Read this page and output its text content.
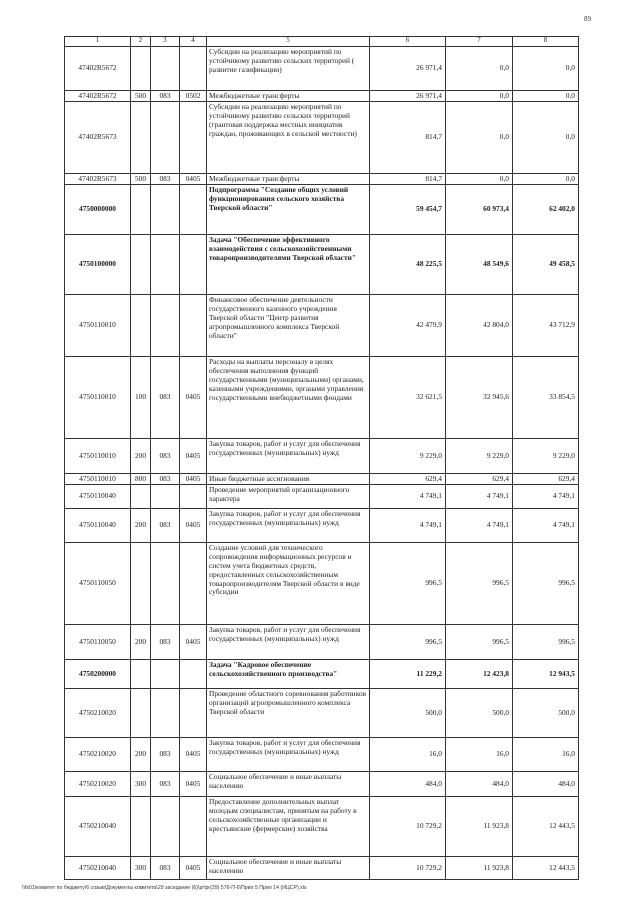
89
1	2	3	4	5	6	7	8
47402R5672				Субсидии на реализацию мероприятий по устойчивому развитию сельских территорий ( развитие газификации)	26 971,4	0,0	0,0
47402R5672	500	083	0502	Межбюджетные трансферты	26 971,4	0,0	0,0
47402R5673				Субсидии на реализацию мероприятий по устойчивому развитию сельских территорий (грантовая поддержка местных инициатив граждан, проживающих в сельской местности)	814,7	0,0	0,0
47402R5673	500	083	0405	Межбюджетные трансферты	814,7	0,0	0,0
4750000000				Подпрограмма "Создание общих условий функционирования сельского хозяйства Тверской области"	59 454,7	60 973,4	62 402,0
4750100000				Задача "Обеспечение эффективного взаимодействия с сельскохозяйственными товаропроизводителями Тверской области"	48 225,5	48 549,6	49 458,5
4750110010				Финансовое обеспечение деятельности государственного казенного учреждения Тверской области "Центр развития агропромышленного комплекса Тверской области"	42 479,9	42 804,0	43 712,9
4750110010	100	083	0405	Расходы на выплаты персоналу в целях обеспечения выполнения функций государственными (муниципальными) органами, казенными учреждениями, органами управления государственными внебюджетными фондами	32 621,5	32 945,6	33 854,5
4750110010	200	083	0405	Закупка товаров, работ и услуг для обеспечения государственных (муниципальных) нужд	9 229,0	9 229,0	9 229,0
4750110010	800	083	0405	Иные бюджетные ассигнования	629,4	629,4	629,4
4750110040				Проведение мероприятий организационного характера	4 749,1	4 749,1	4 749,1
4750110040	200	083	0405	Закупка товаров, работ и услуг для обеспечения государственных (муниципальных) нужд	4 749,1	4 749,1	4 749,1
4750110050				Создание условий для технического сопровождения информационных ресурсов и систем учета бюджетных средств, предоставленных сельскохозяйственным товаропроизводителям Тверской области в виде субсидии	996,5	996,5	996,5
4750110050	200	083	0405	Закупка товаров, работ и услуг для обеспечения государственных (муниципальных) нужд	996,5	996,5	996,5
4750200000				Задача "Кадровое обеспечение сельскохозяйственного производства"	11 229,2	12 423,8	12 943,5
4750210020				Проведение областного соревнования работников организаций агропромышленного комплекса Тверской области	500,0	500,0	500,0
4750210020	200	083	0405	Закупка товаров, работ и услуг для обеспечения государственных (муниципальных) нужд	16,0	16,0	16,0
4750210020	300	083	0405	Социальное обеспечение и иные выплаты населению	484,0	484,0	484,0
4750210040				Предоставление дополнительных выплат молодым специалистам, принятым на работу в сельскохозяйственные организации и крестьянские (фермерские) хозяйства	10 729,2	11 923,8	12 443,5
4750210040	300	083	0405	Социальное обеспечение и иные выплаты населению	10 729,2	11 923,8	12 443,5
\\fs01\комитет по бюджету\6 созыв\Документы комитета\29 заседание (6)\pr\pr(29) 576-П-6\Прил 5 Прил 14 (ИЦСР).xls
